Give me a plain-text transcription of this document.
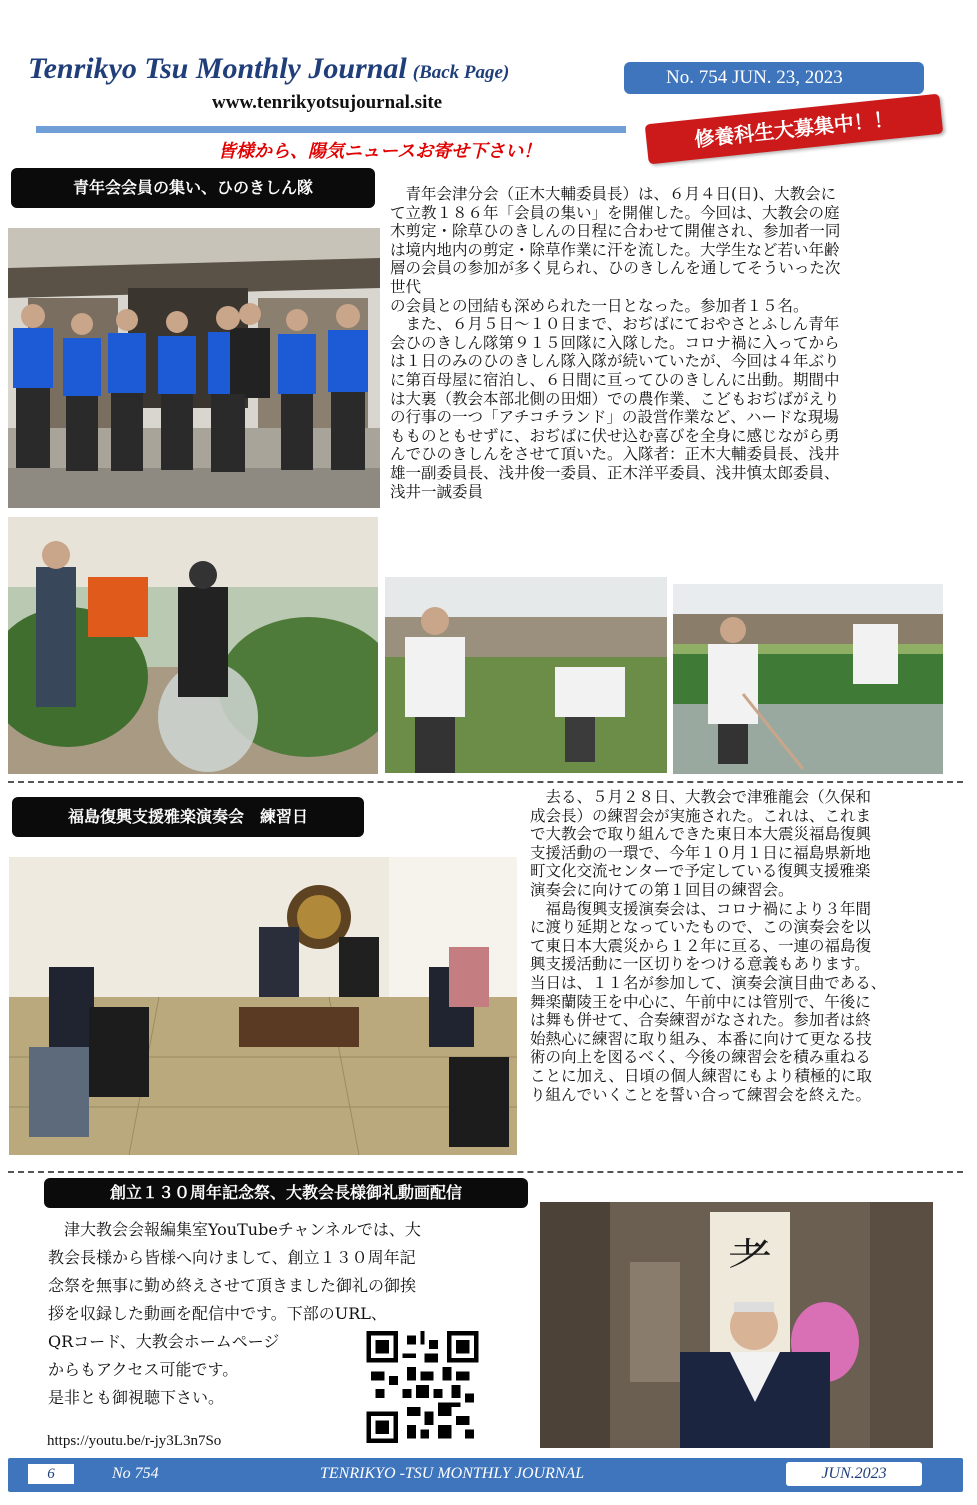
Tenrikyo Tsu Monthly Journal (Back Page)
www.tenrikyotsujournal.site
No. 754 JUN. 23, 2023
皆様から、陽気ニュースお寄せ下さい！
修養科生大募集中！！
青年会会員の集い、ひのきしん隊	　青年会津分会（正木大輔委員長）は、６月４日(日)、大教会に
て立教１８６年「会員の集い」を開催した。今回は、大教会の庭
木剪定・除草ひのきしんの日程に合わせて開催され、参加者一同
は境内地内の剪定・除草作業に汗を流した。大学生など若い年齢
層の会員の参加が多く見られ、ひのきしんを通してそういった次
世代
の会員との団結も深められた一日となった。参加者１５名。
　また、６月５日～１０日まで、おぢばにておやさとふしん青年
会ひのきしん隊第９１５回隊に入隊した。コロナ禍に入ってから
は１日のみのひのきしん隊入隊が続いていたが、今回は４年ぶり
に第百母屋に宿泊し、６日間に亘ってひのきしんに出動。期間中
は大裏（教会本部北側の田畑）での農作業、こどもおぢばがえり
の行事の一つ「アチコチランド」の設営作業など、ハードな現場
もものともせずに、おぢばに伏せ込む喜びを全身に感じながら勇
んでひのきしんをさせて頂いた。入隊者：正木大輔委員長、浅井
雄一副委員長、浅井俊一委員、正木洋平委員、浅井慎太郎委員、
浅井一誠委員
福島復興支援雅楽演奏会　練習日
　去る、５月２８日、大教会で津雅龍会（久保和
成会長）の練習会が実施された。これは、これま
で大教会で取り組んできた東日本大震災福島復興
支援活動の一環で、今年１０月１日に福島県新地
町文化交流センターで予定している復興支援雅楽
演奏会に向けての第１回目の練習会。
　福島復興支援演奏会は、コロナ禍により３年間
に渡り延期となっていたもので、この演奏会を以
て東日本大震災から１２年に亘る、一連の福島復
興支援活動に一区切りをつける意義もあります。
当日は、１１名が参加して、演奏会演目曲である、
舞楽蘭陵王を中心に、午前中には管別で、午後に
は舞も併せて、合奏練習がなされた。参加者は終
始熱心に練習に取り組み、本番に向けて更なる技
術の向上を図るべく、今後の練習会を積み重ねる
ことに加え、日頃の個人練習にもより積極的に取
り組んでいくことを誓い合って練習会を終えた。
創立１３０周年記念祭、大教会長様御礼動画配信
　津大教会会報編集室YouTubeチャンネルでは、大
教会長様から皆様へ向けまして、創立１３０周年記
念祭を無事に勤め終えさせて頂きました御礼の御挨
拶を収録した動画を配信中です。下部のURL、
QRコード、大教会ホームページ
からもアクセス可能です。
是非とも御視聴下さい。
https://youtu.be/r-jy3L3n7So
耂
6	No 754	TENRIKYO -TSU MONTHLY JOURNAL	JUN.2023
